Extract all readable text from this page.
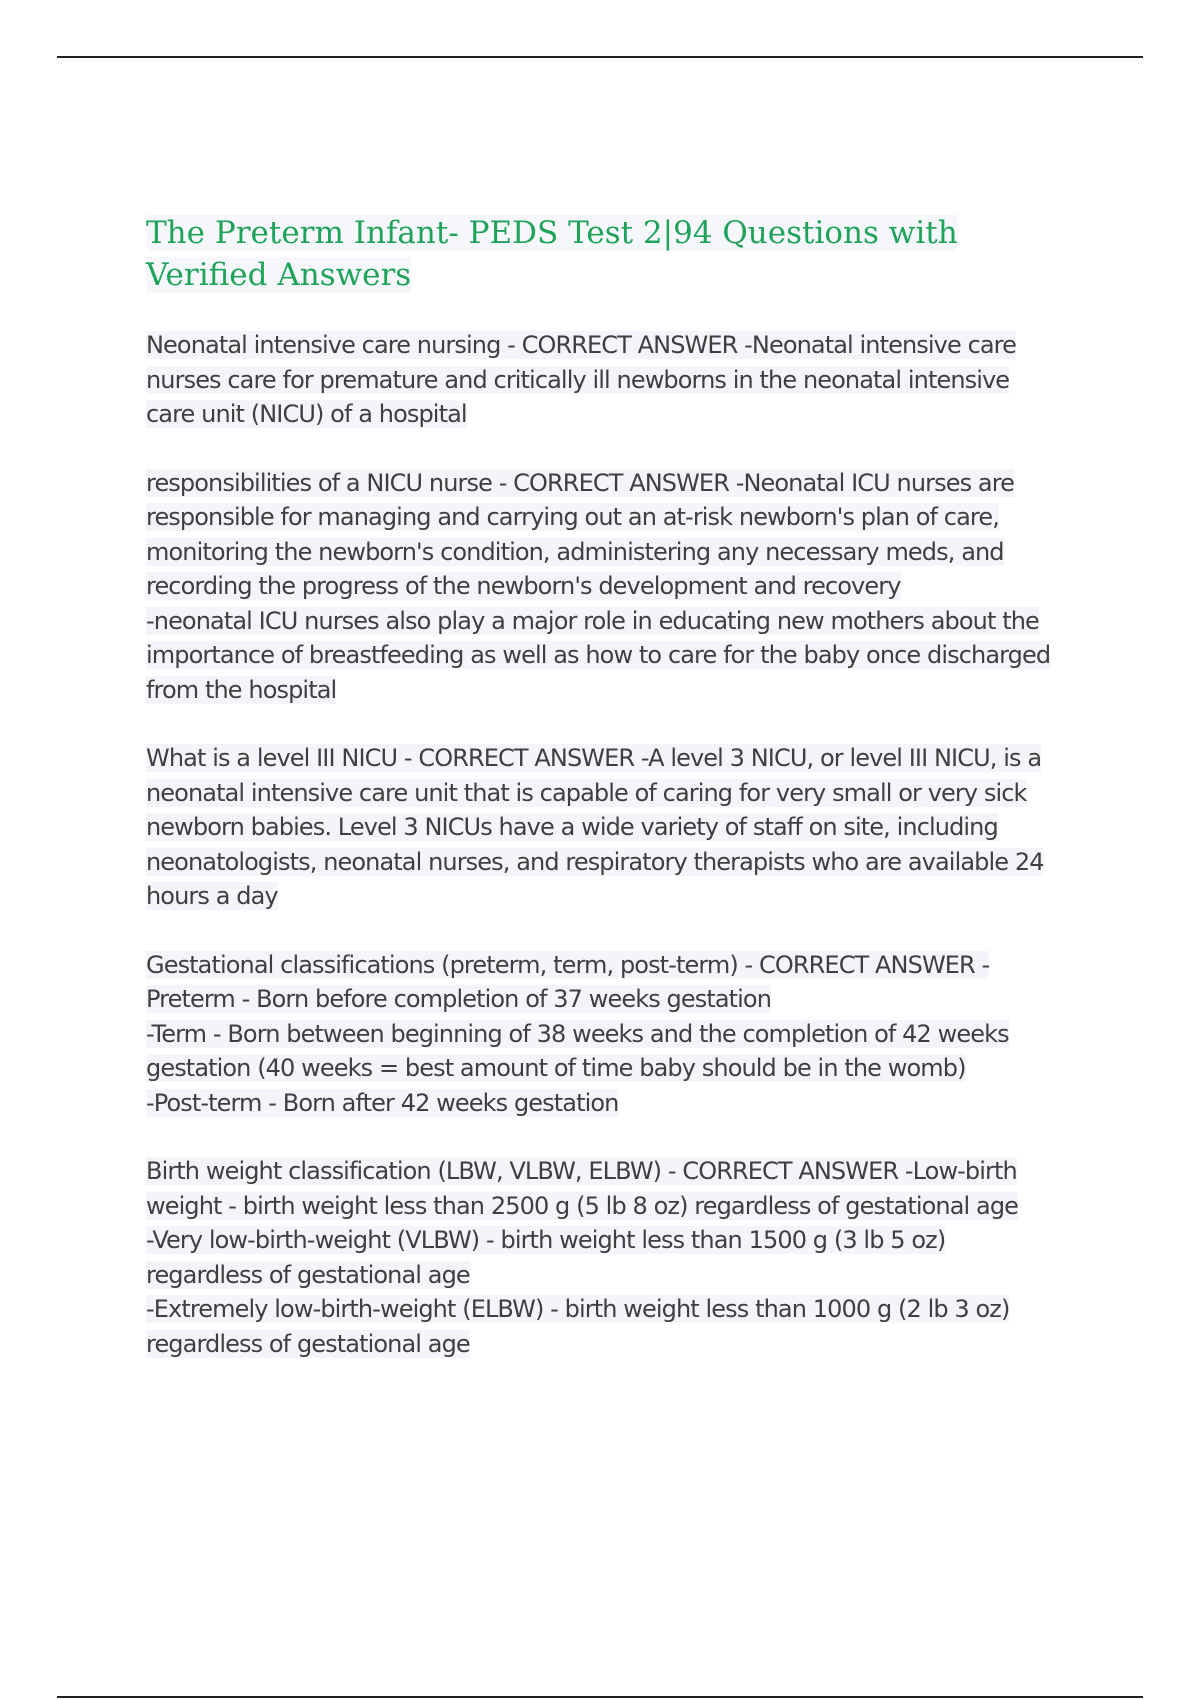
The Preterm Infant- PEDS Test 2|94 Questions with Verified Answers
Neonatal intensive care nursing - CORRECT ANSWER -Neonatal intensive care
nurses care for premature and critically ill newborns in the neonatal intensive
care unit (NICU) of a hospital
responsibilities of a NICU nurse - CORRECT ANSWER -Neonatal ICU nurses are
responsible for managing and carrying out an at-risk newborn's plan of care,
monitoring the newborn's condition, administering any necessary meds, and
recording the progress of the newborn's development and recovery
-neonatal ICU nurses also play a major role in educating new mothers about the
importance of breastfeeding as well as how to care for the baby once discharged
from the hospital
What is a level III NICU - CORRECT ANSWER -A level 3 NICU, or level III NICU, is a
neonatal intensive care unit that is capable of caring for very small or very sick
newborn babies. Level 3 NICUs have a wide variety of staff on site, including
neonatologists, neonatal nurses, and respiratory therapists who are available 24
hours a day
Gestational classifications (preterm, term, post-term) - CORRECT ANSWER -
Preterm - Born before completion of 37 weeks gestation
-Term - Born between beginning of 38 weeks and the completion of 42 weeks
gestation (40 weeks = best amount of time baby should be in the womb)
-Post-term - Born after 42 weeks gestation
Birth weight classification (LBW, VLBW, ELBW) - CORRECT ANSWER -Low-birth
weight - birth weight less than 2500 g (5 lb 8 oz) regardless of gestational age
-Very low-birth-weight (VLBW) - birth weight less than 1500 g (3 lb 5 oz)
regardless of gestational age
-Extremely low-birth-weight (ELBW) - birth weight less than 1000 g (2 lb 3 oz)
regardless of gestational age
